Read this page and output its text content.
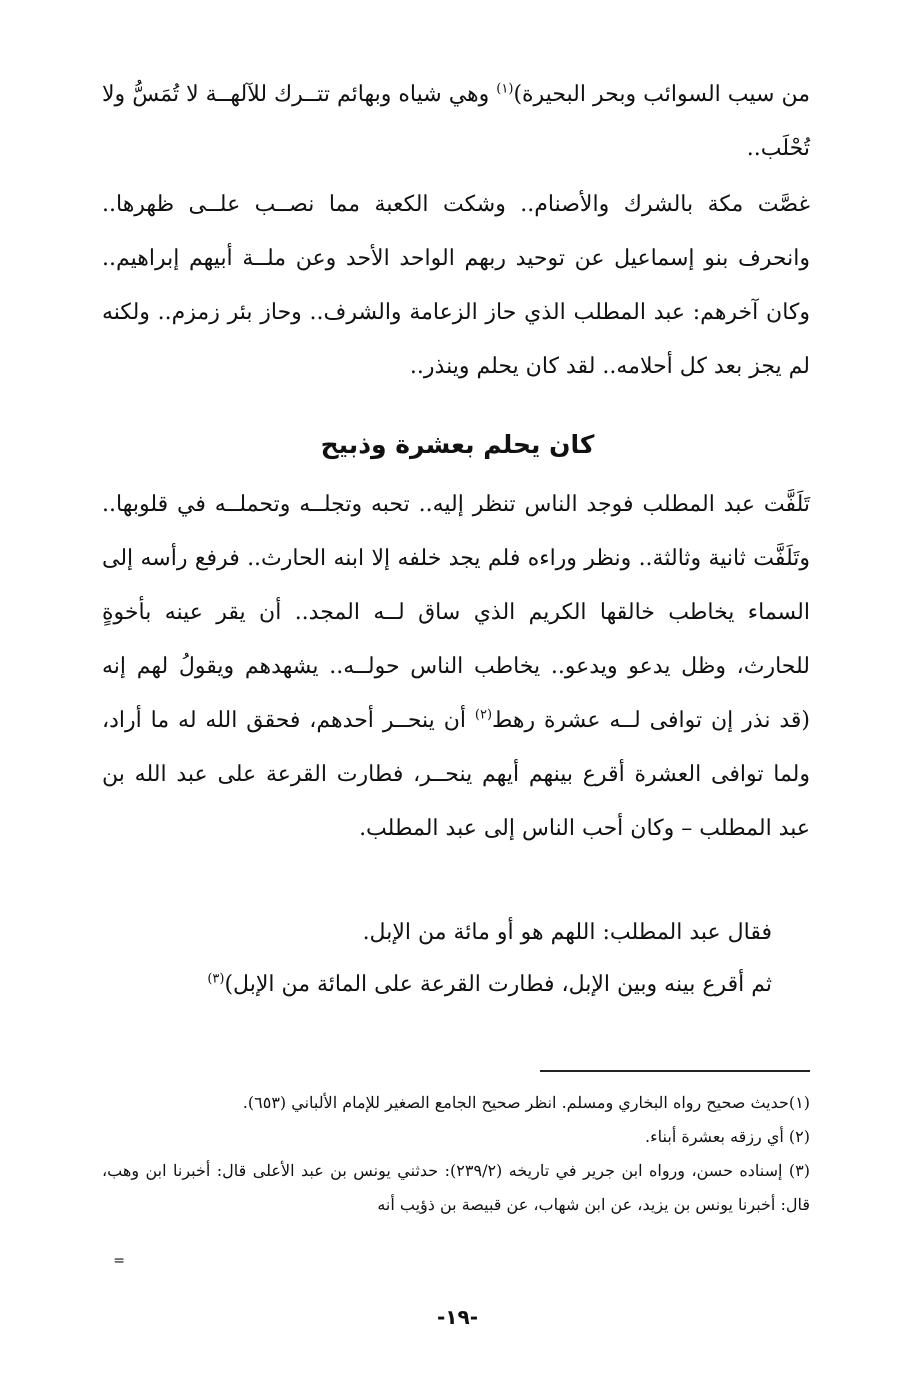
من سيب السوائب وبحر البحيرة)$^{(١)}$ وهي شياه وبهائم تتــرك للآلهــة لا تُمَسُّ ولا تُحْلَب..

غصَّت مكة بالشرك والأصنام.. وشكت الكعبة مما نصــب علــى ظهرها.. وانحرف بنو إسماعيل عن توحيد ربهم الواحد الأحد وعن ملــة أبيهم إبراهيم.. وكان آخرهم: عبد المطلب الذي حاز الزعامة والشرف.. وحاز بئر زمزم.. ولكنه لم يجز بعد كل أحلامه.. لقد كان يحلم وينذر..

كان يحلم بعشرة وذبيح
تَلَفَّت عبد المطلب فوجد الناس تنظر إليه.. تحبه وتجلــه وتحملــه في قلوبها.. وتَلَفَّت ثانية وثالثة.. ونظر وراءه فلم يجد خلفه إلا ابنه الحارث.. فرفع رأسه إلى السماء يخاطب خالقها الكريم الذي ساق لــه المجد.. أن يقر عينه بأخوةٍ للحارث، وظل يدعو ويدعو.. يخاطب الناس حولــه.. يشهدهم ويقولُ لهم إنه (قد نذر إن توافى لــه عشرة رهط$^{(٢)}$ أن ينحــر أحدهم، فحقق الله له ما أراد، ولما توافى العشرة أقرع بينهم أيهم ينحــر، فطارت القرعة على عبد الله بن عبد المطلب – وكان أحب الناس إلى عبد المطلب.

فقال عبد المطلب: اللهم هو أو مائة من الإبل.

ثم أقرع بينه وبين الإبل، فطارت القرعة على المائة من الإبل)$^{(٣)}$

(١)حديث صحيح رواه البخاري ومسلم. انظر صحيح الجامع الصغير للإمام الألباني (٦٥٣).

(٢) أي رزقه بعشرة أبناء.

(٣) إسناده حسن، ورواه ابن جرير في تاريخه (٢٣٩/٢): حدثني يونس بن عبد الأعلى قال: أخبرنا ابن وهب، قال: أخبرنا يونس بن يزيد، عن ابن شهاب، عن قبيصة بن ذؤيب أنه

=
-١٩-
